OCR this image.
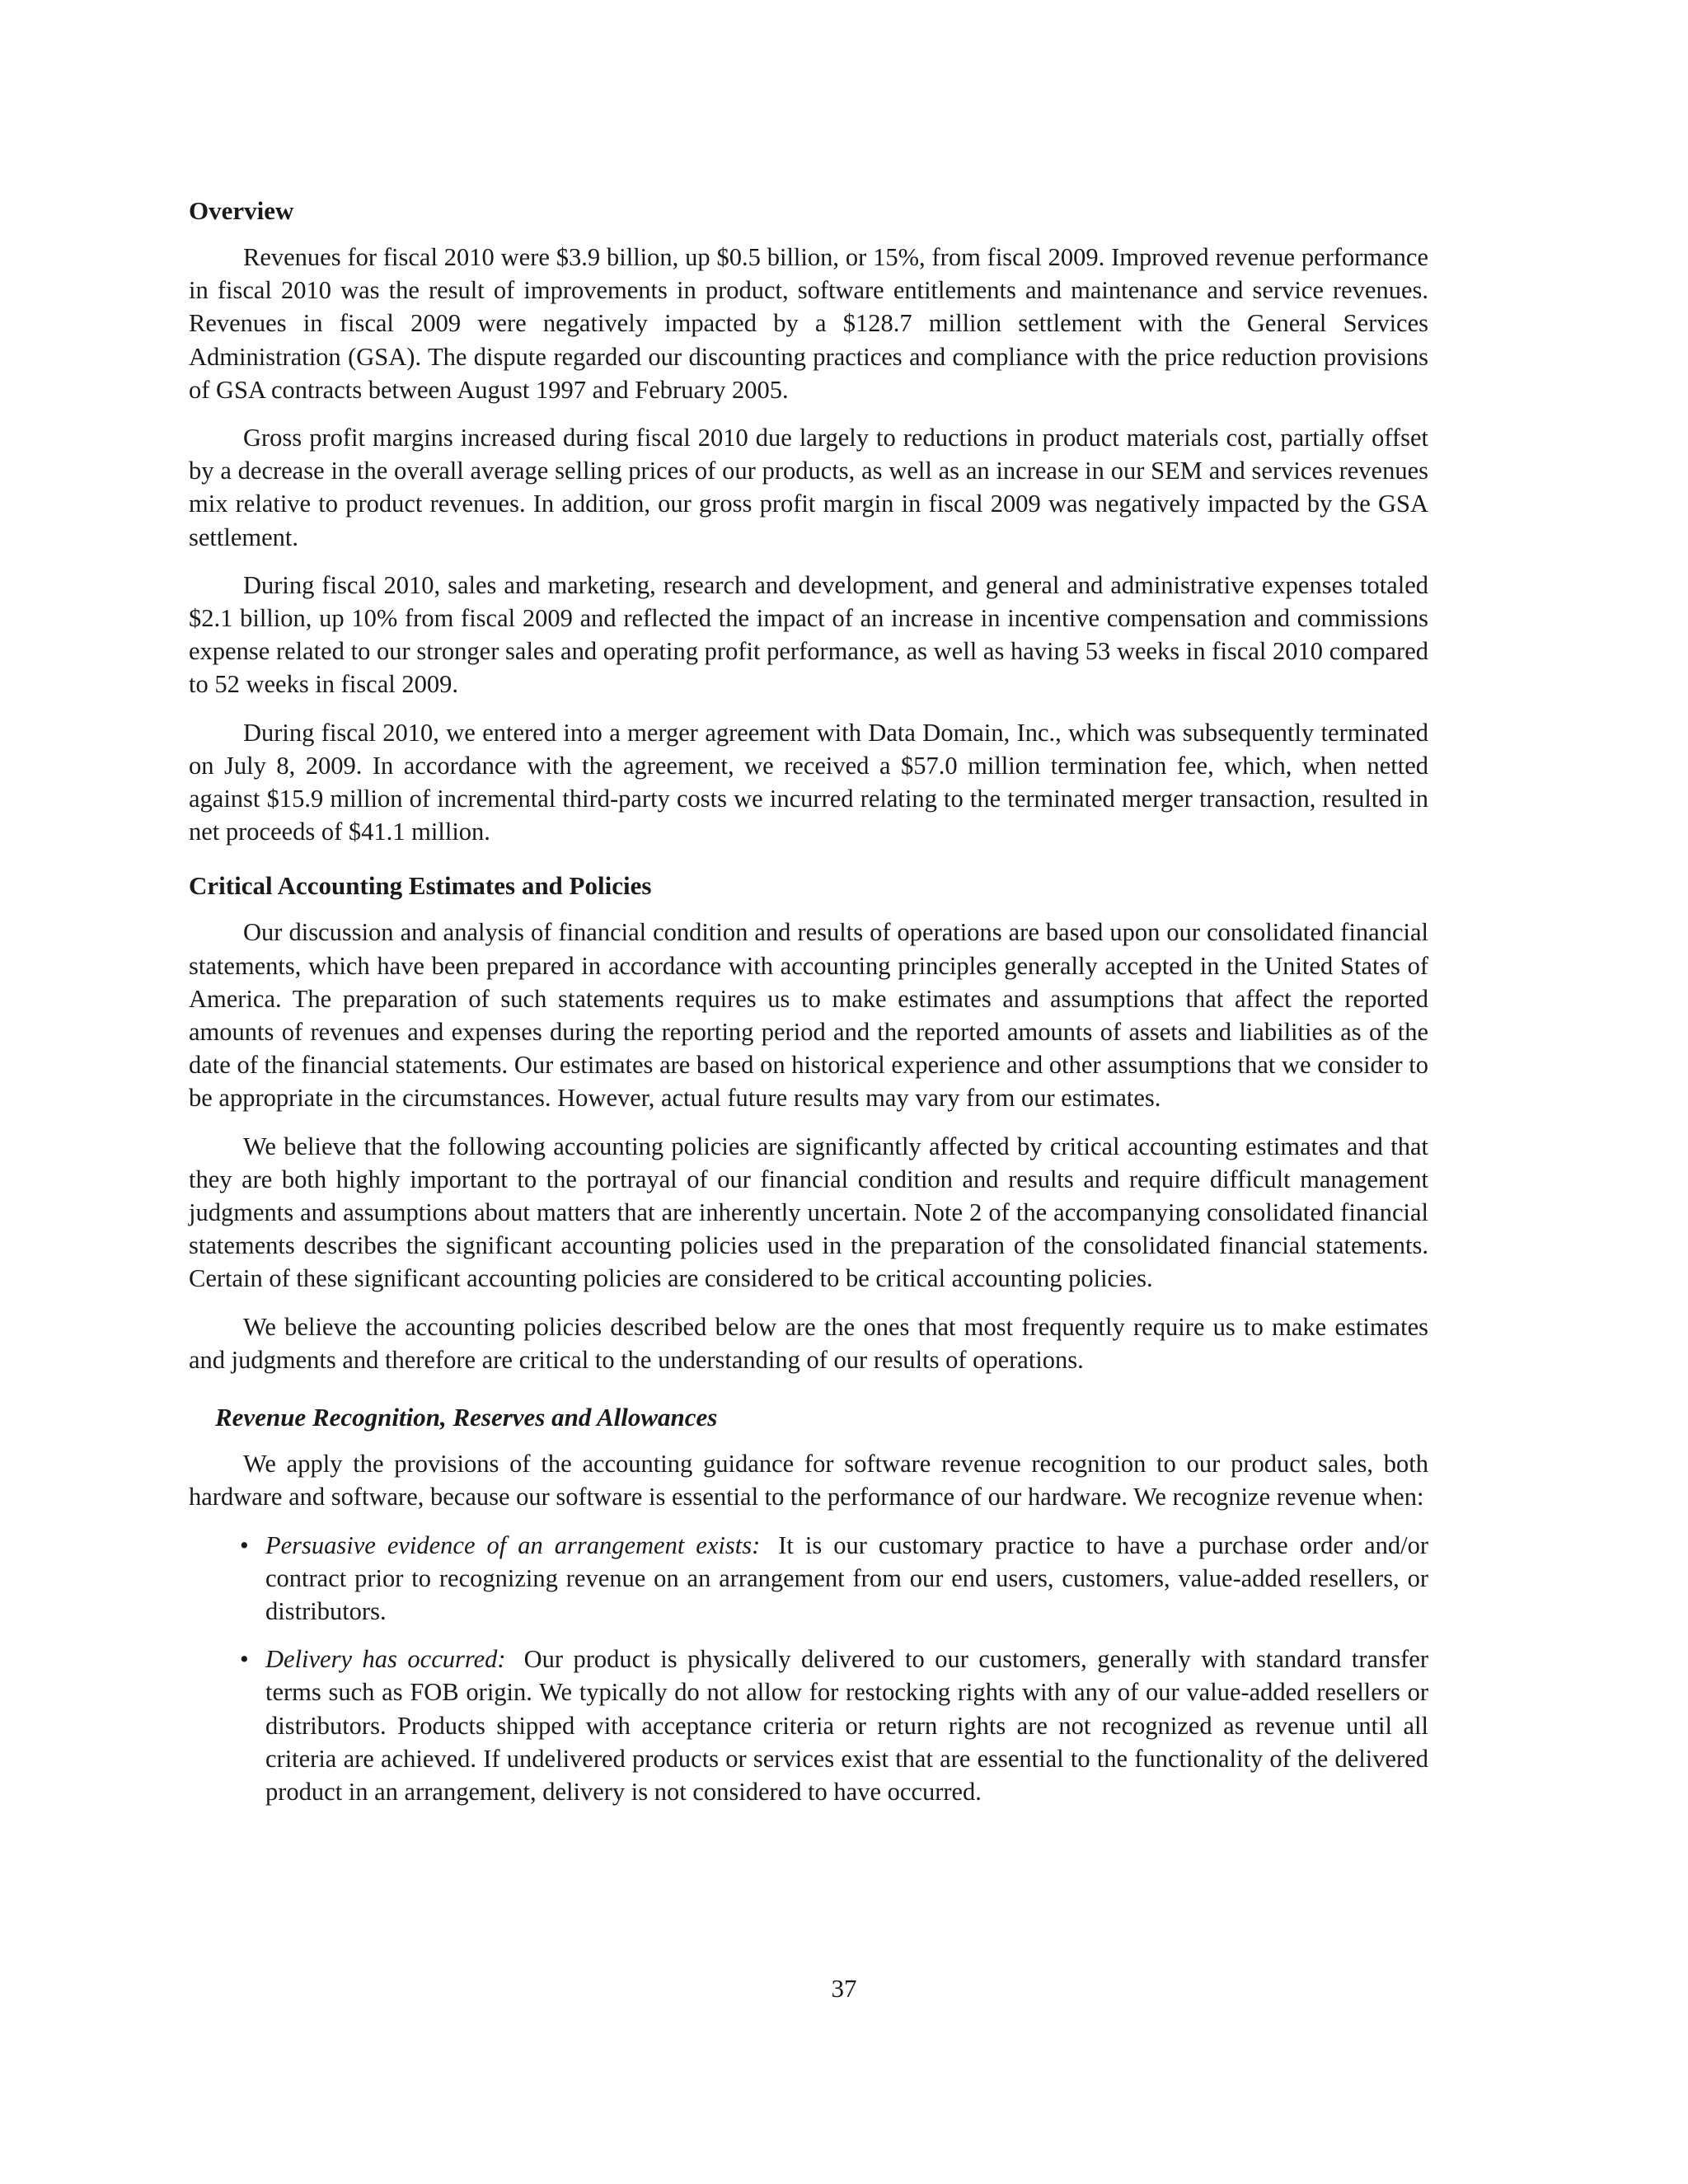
Overview

Revenues for fiscal 2010 were $3.9 billion, up $0.5 billion, or 15%, from fiscal 2009. Improved revenue performance in fiscal 2010 was the result of improvements in product, software entitlements and maintenance and service revenues. Revenues in fiscal 2009 were negatively impacted by a $128.7 million settlement with the General Services Administration (GSA). The dispute regarded our discounting practices and compliance with the price reduction provisions of GSA contracts between August 1997 and February 2005.

Gross profit margins increased during fiscal 2010 due largely to reductions in product materials cost, partially offset by a decrease in the overall average selling prices of our products, as well as an increase in our SEM and services revenues mix relative to product revenues. In addition, our gross profit margin in fiscal 2009 was negatively impacted by the GSA settlement.

During fiscal 2010, sales and marketing, research and development, and general and administrative expenses totaled $2.1 billion, up 10% from fiscal 2009 and reflected the impact of an increase in incentive compensation and commissions expense related to our stronger sales and operating profit performance, as well as having 53 weeks in fiscal 2010 compared to 52 weeks in fiscal 2009.

During fiscal 2010, we entered into a merger agreement with Data Domain, Inc., which was subsequently terminated on July 8, 2009. In accordance with the agreement, we received a $57.0 million termination fee, which, when netted against $15.9 million of incremental third-party costs we incurred relating to the terminated merger transaction, resulted in net proceeds of $41.1 million.

Critical Accounting Estimates and Policies

Our discussion and analysis of financial condition and results of operations are based upon our consolidated financial statements, which have been prepared in accordance with accounting principles generally accepted in the United States of America. The preparation of such statements requires us to make estimates and assumptions that affect the reported amounts of revenues and expenses during the reporting period and the reported amounts of assets and liabilities as of the date of the financial statements. Our estimates are based on historical experience and other assumptions that we consider to be appropriate in the circumstances. However, actual future results may vary from our estimates.

We believe that the following accounting policies are significantly affected by critical accounting estimates and that they are both highly important to the portrayal of our financial condition and results and require difficult management judgments and assumptions about matters that are inherently uncertain. Note 2 of the accompanying consolidated financial statements describes the significant accounting policies used in the preparation of the consolidated financial statements. Certain of these significant accounting policies are considered to be critical accounting policies.

We believe the accounting policies described below are the ones that most frequently require us to make estimates and judgments and therefore are critical to the understanding of our results of operations.

Revenue Recognition, Reserves and Allowances

We apply the provisions of the accounting guidance for software revenue recognition to our product sales, both hardware and software, because our software is essential to the performance of our hardware. We recognize revenue when:

• Persuasive evidence of an arrangement exists: It is our customary practice to have a purchase order and/or contract prior to recognizing revenue on an arrangement from our end users, customers, value-added resellers, or distributors.
• Delivery has occurred: Our product is physically delivered to our customers, generally with standard transfer terms such as FOB origin. We typically do not allow for restocking rights with any of our value-added resellers or distributors. Products shipped with acceptance criteria or return rights are not recognized as revenue until all criteria are achieved. If undelivered products or services exist that are essential to the functionality of the delivered product in an arrangement, delivery is not considered to have occurred.
37
